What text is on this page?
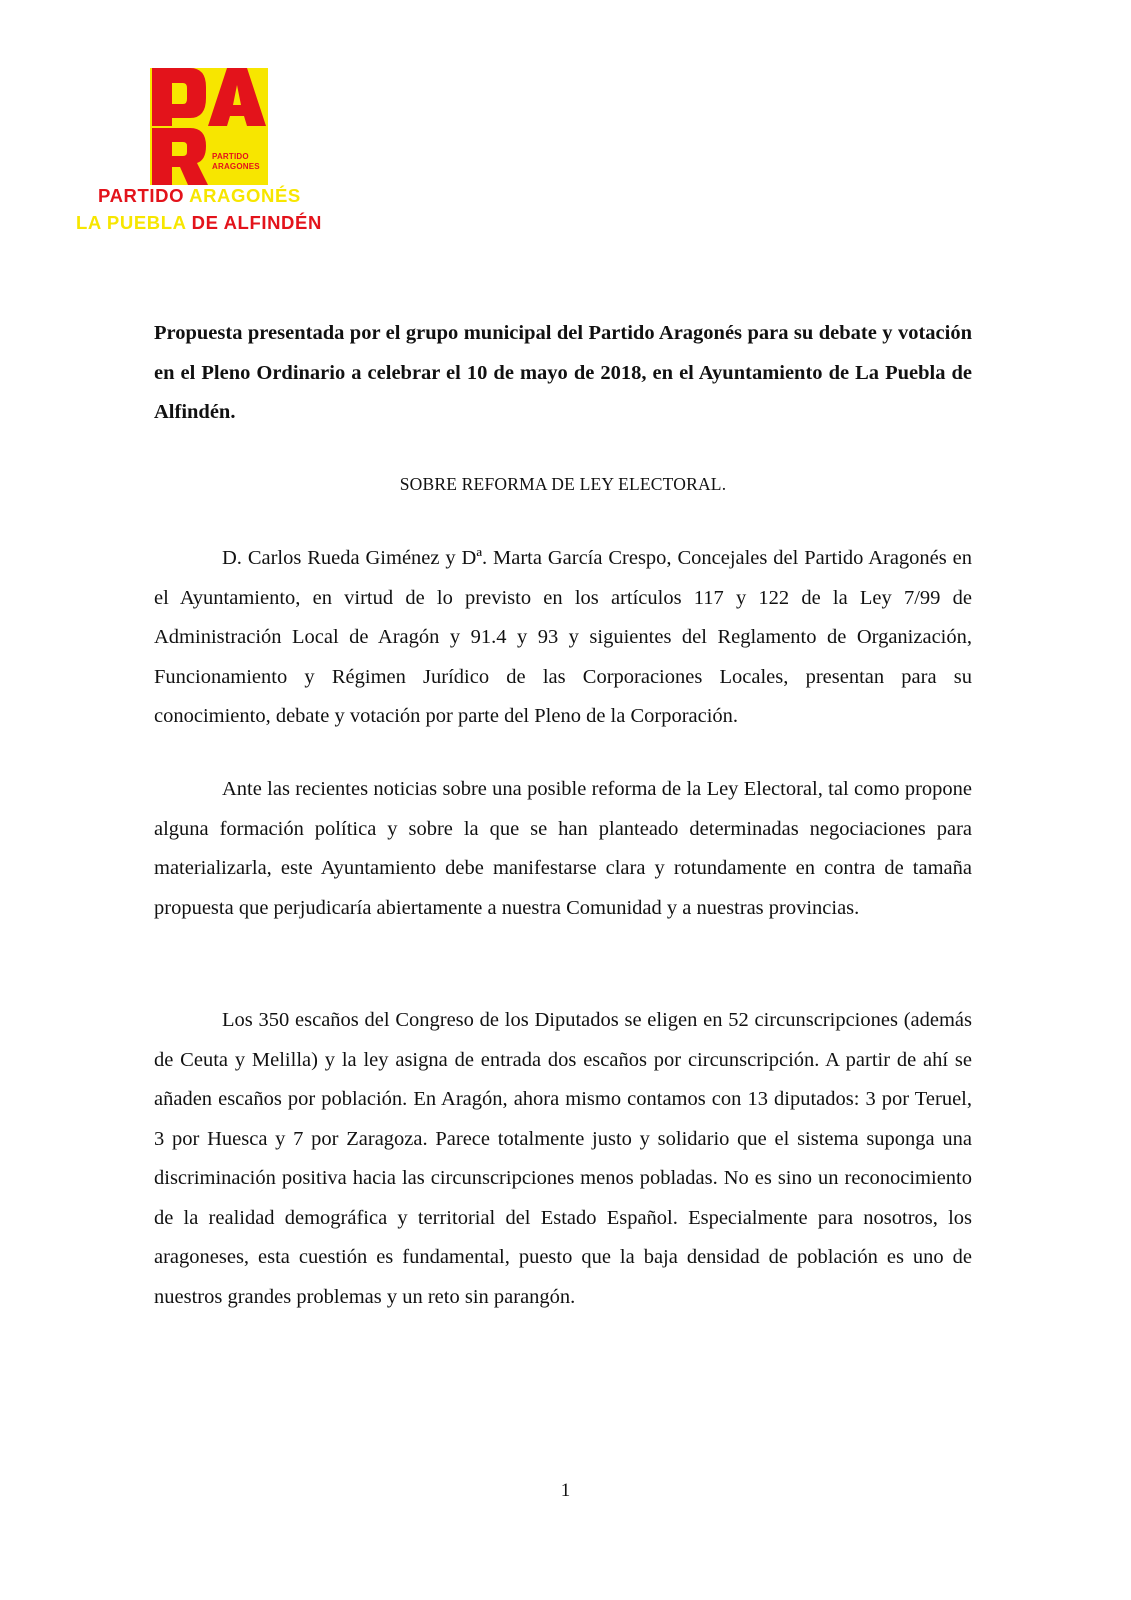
PARTIDO
ARAGONES
PARTIDO ARAGONÉS
LA PUEBLA DE ALFINDÉN
Propuesta presentada por el grupo municipal del Partido Aragonés para su debate y votación en el Pleno Ordinario a celebrar el 10 de mayo de 2018, en el Ayuntamiento de La Puebla de Alfindén.
SOBRE REFORMA DE LEY ELECTORAL.

D. Carlos Rueda Giménez y Dª. Marta García Crespo, Concejales del Partido Aragonés en el Ayuntamiento, en virtud de lo previsto en los artículos 117 y 122 de la Ley 7/99 de Administración Local de Aragón y 91.4 y 93 y siguientes del Reglamento de Organización, Funcionamiento y Régimen Jurídico de las Corporaciones Locales, presentan para su conocimiento, debate y votación por parte del Pleno de la Corporación.

Ante las recientes noticias sobre una posible reforma de la Ley Electoral, tal como propone alguna formación política y sobre la que se han planteado determinadas negociaciones para materializarla, este Ayuntamiento debe manifestarse clara y rotundamente en contra de tamaña propuesta que perjudicaría abiertamente a nuestra Comunidad y a nuestras provincias.

Los 350 escaños del Congreso de los Diputados se eligen en 52 circunscripciones (además de Ceuta y Melilla) y la ley asigna de entrada dos escaños por circunscripción. A partir de ahí se añaden escaños por población. En Aragón, ahora mismo contamos con 13 diputados: 3 por Teruel, 3 por Huesca y 7 por Zaragoza. Parece totalmente justo y solidario que el sistema suponga una discriminación positiva hacia las circunscripciones menos pobladas. No es sino un reconocimiento de la realidad demográfica y territorial del Estado Español. Especialmente para nosotros, los aragoneses, esta cuestión es fundamental, puesto que la baja densidad de población es uno de nuestros grandes problemas y un reto sin parangón.

1
